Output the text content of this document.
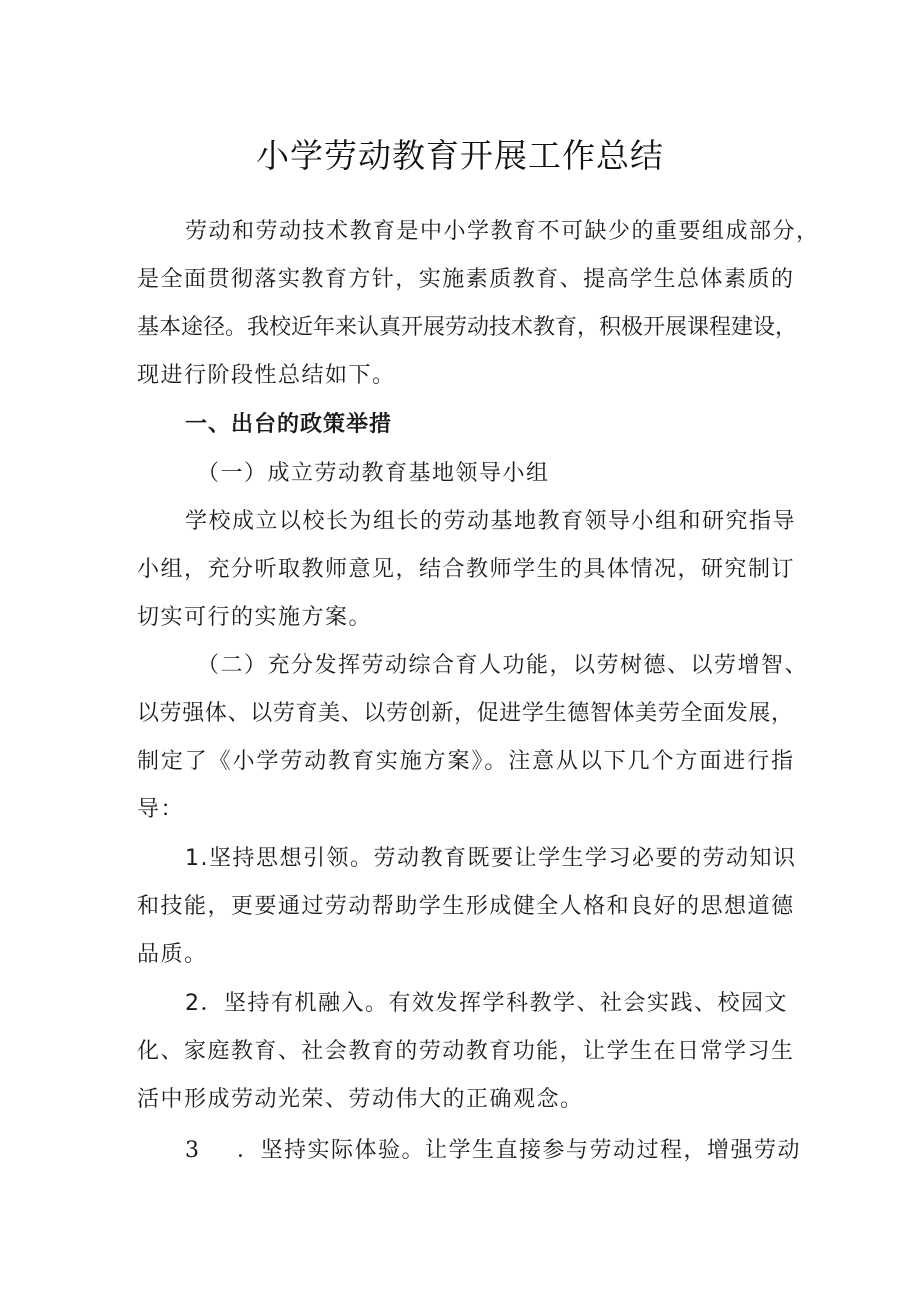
小学劳动教育开展工作总结
劳动和劳动技术教育是中小学教育不可缺少的重要组成部分，
是全面贯彻落实教育方针，实施素质教育、提高学生总体素质的
基本途径。我校近年来认真开展劳动技术教育，积极开展课程建设，
现进行阶段性总结如下。
一、出台的政策举措
（一）成立劳动教育基地领导小组
学校成立以校长为组长的劳动基地教育领导小组和研究指导
小组，充分听取教师意见，结合教师学生的具体情况，研究制订
切实可行的实施方案。
（二）充分发挥劳动综合育人功能，以劳树德、以劳增智、
以劳强体、以劳育美、以劳创新，促进学生德智体美劳全面发展，
制定了《小学劳动教育实施方案》。注意从以下几个方面进行指
导：
1.坚持思想引领。劳动教育既要让学生学习必要的劳动知识
和技能，更要通过劳动帮助学生形成健全人格和良好的思想道德
品质。
2．坚持有机融入。有效发挥学科教学、社会实践、校园文
化、家庭教育、社会教育的劳动教育功能，让学生在日常学习生
活中形成劳动光荣、劳动伟大的正确观念。
3 ．坚持实际体验。让学生直接参与劳动过程，增强劳动
